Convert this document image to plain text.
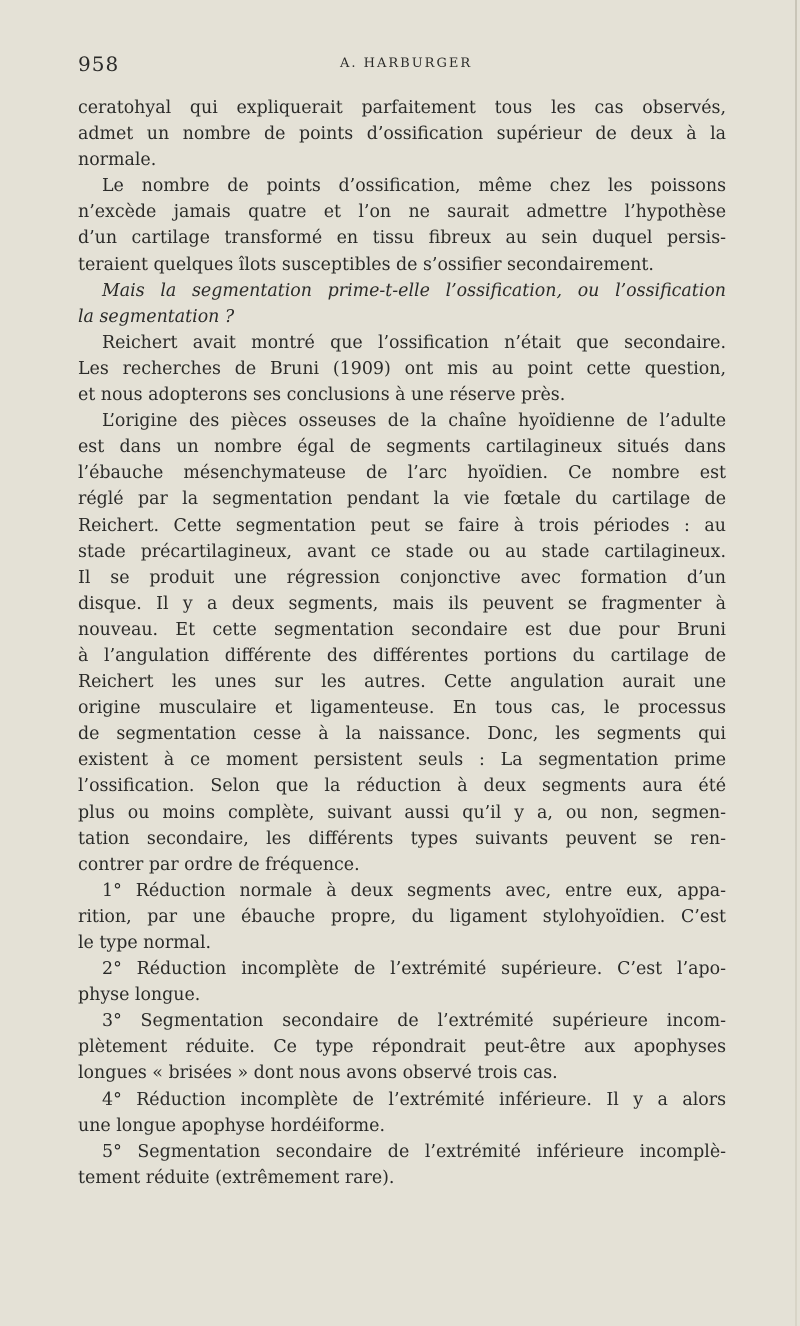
958	A. HARBURGER
ceratohyal qui expliquerait parfaitement tous les cas observés,
admet un nombre de points d’ossification supérieur de deux à la
normale.
Le nombre de points d’ossification, même chez les poissons
n’excède jamais quatre et l’on ne saurait admettre l’hypothèse
d’un cartilage transformé en tissu fibreux au sein duquel persis-
teraient quelques îlots susceptibles de s’ossifier secondairement.
Mais la segmentation prime-t-elle l’ossification, ou l’ossification
la segmentation ?
Reichert avait montré que l’ossification n’était que secondaire.
Les recherches de Bruni (1909) ont mis au point cette question,
et nous adopterons ses conclusions à une réserve près.
L’origine des pièces osseuses de la chaîne hyoïdienne de l’adulte
est dans un nombre égal de segments cartilagineux situés dans
l’ébauche mésenchymateuse de l’arc hyoïdien. Ce nombre est
réglé par la segmentation pendant la vie fœtale du cartilage de
Reichert. Cette segmentation peut se faire à trois périodes : au
stade précartilagineux, avant ce stade ou au stade cartilagineux.
Il se produit une régression conjonctive avec formation d’un
disque. Il y a deux segments, mais ils peuvent se fragmenter à
nouveau. Et cette segmentation secondaire est due pour Bruni
à l’angulation différente des différentes portions du cartilage de
Reichert les unes sur les autres. Cette angulation aurait une
origine musculaire et ligamenteuse. En tous cas, le processus
de segmentation cesse à la naissance. Donc, les segments qui
existent à ce moment persistent seuls : La segmentation prime
l’ossification. Selon que la réduction à deux segments aura été
plus ou moins complète, suivant aussi qu’il y a, ou non, segmen-
tation secondaire, les différents types suivants peuvent se ren-
contrer par ordre de fréquence.
1° Réduction normale à deux segments avec, entre eux, appa-
rition, par une ébauche propre, du ligament stylohyoïdien. C’est
le type normal.
2° Réduction incomplète de l’extrémité supérieure. C’est l’apo-
physe longue.
3° Segmentation secondaire de l’extrémité supérieure incom-
plètement réduite. Ce type répondrait peut-être aux apophyses
longues « brisées » dont nous avons observé trois cas.
4° Réduction incomplète de l’extrémité inférieure. Il y a alors
une longue apophyse hordéiforme.
5° Segmentation secondaire de l’extrémité inférieure incomplè-
tement réduite (extrêmement rare).
